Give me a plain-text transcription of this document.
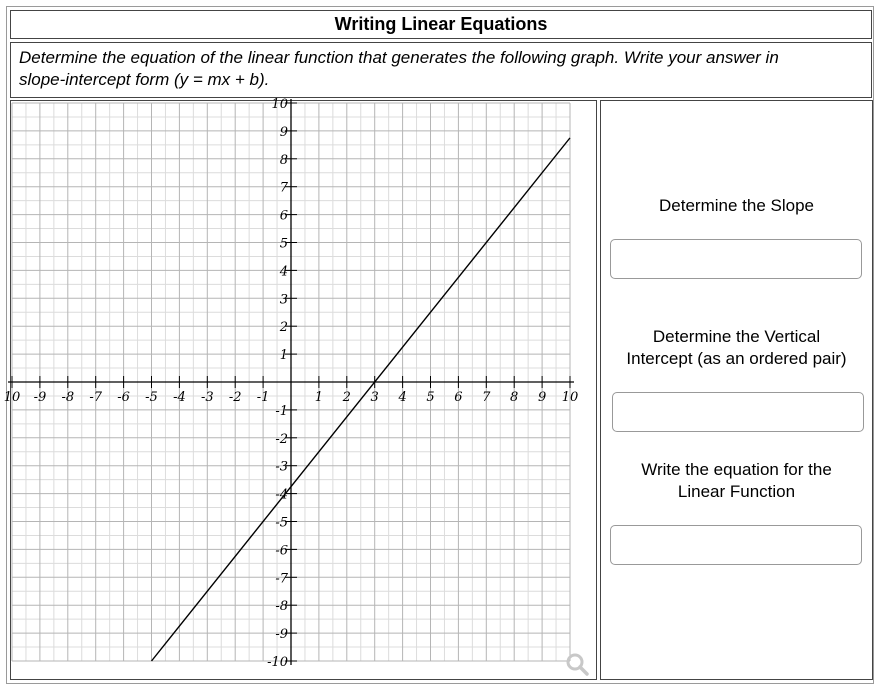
Writing Linear Equations
Determine the equation of the linear function that generates the following graph. Write your answer in
slope-intercept form (y = mx + b).
10 -9 -8 -7 -6 -5 -4 -3 -2 -1	1 2 3 4 5 6 7 8 9 10
10
9
8
7
6
5
4
3
2
1
-1
-2
-3
-4
-5
-6
-7
-8
-9
-10
Determine the Slope
Determine the Vertical
Intercept (as an ordered pair)
Write the equation for the
Linear Function
